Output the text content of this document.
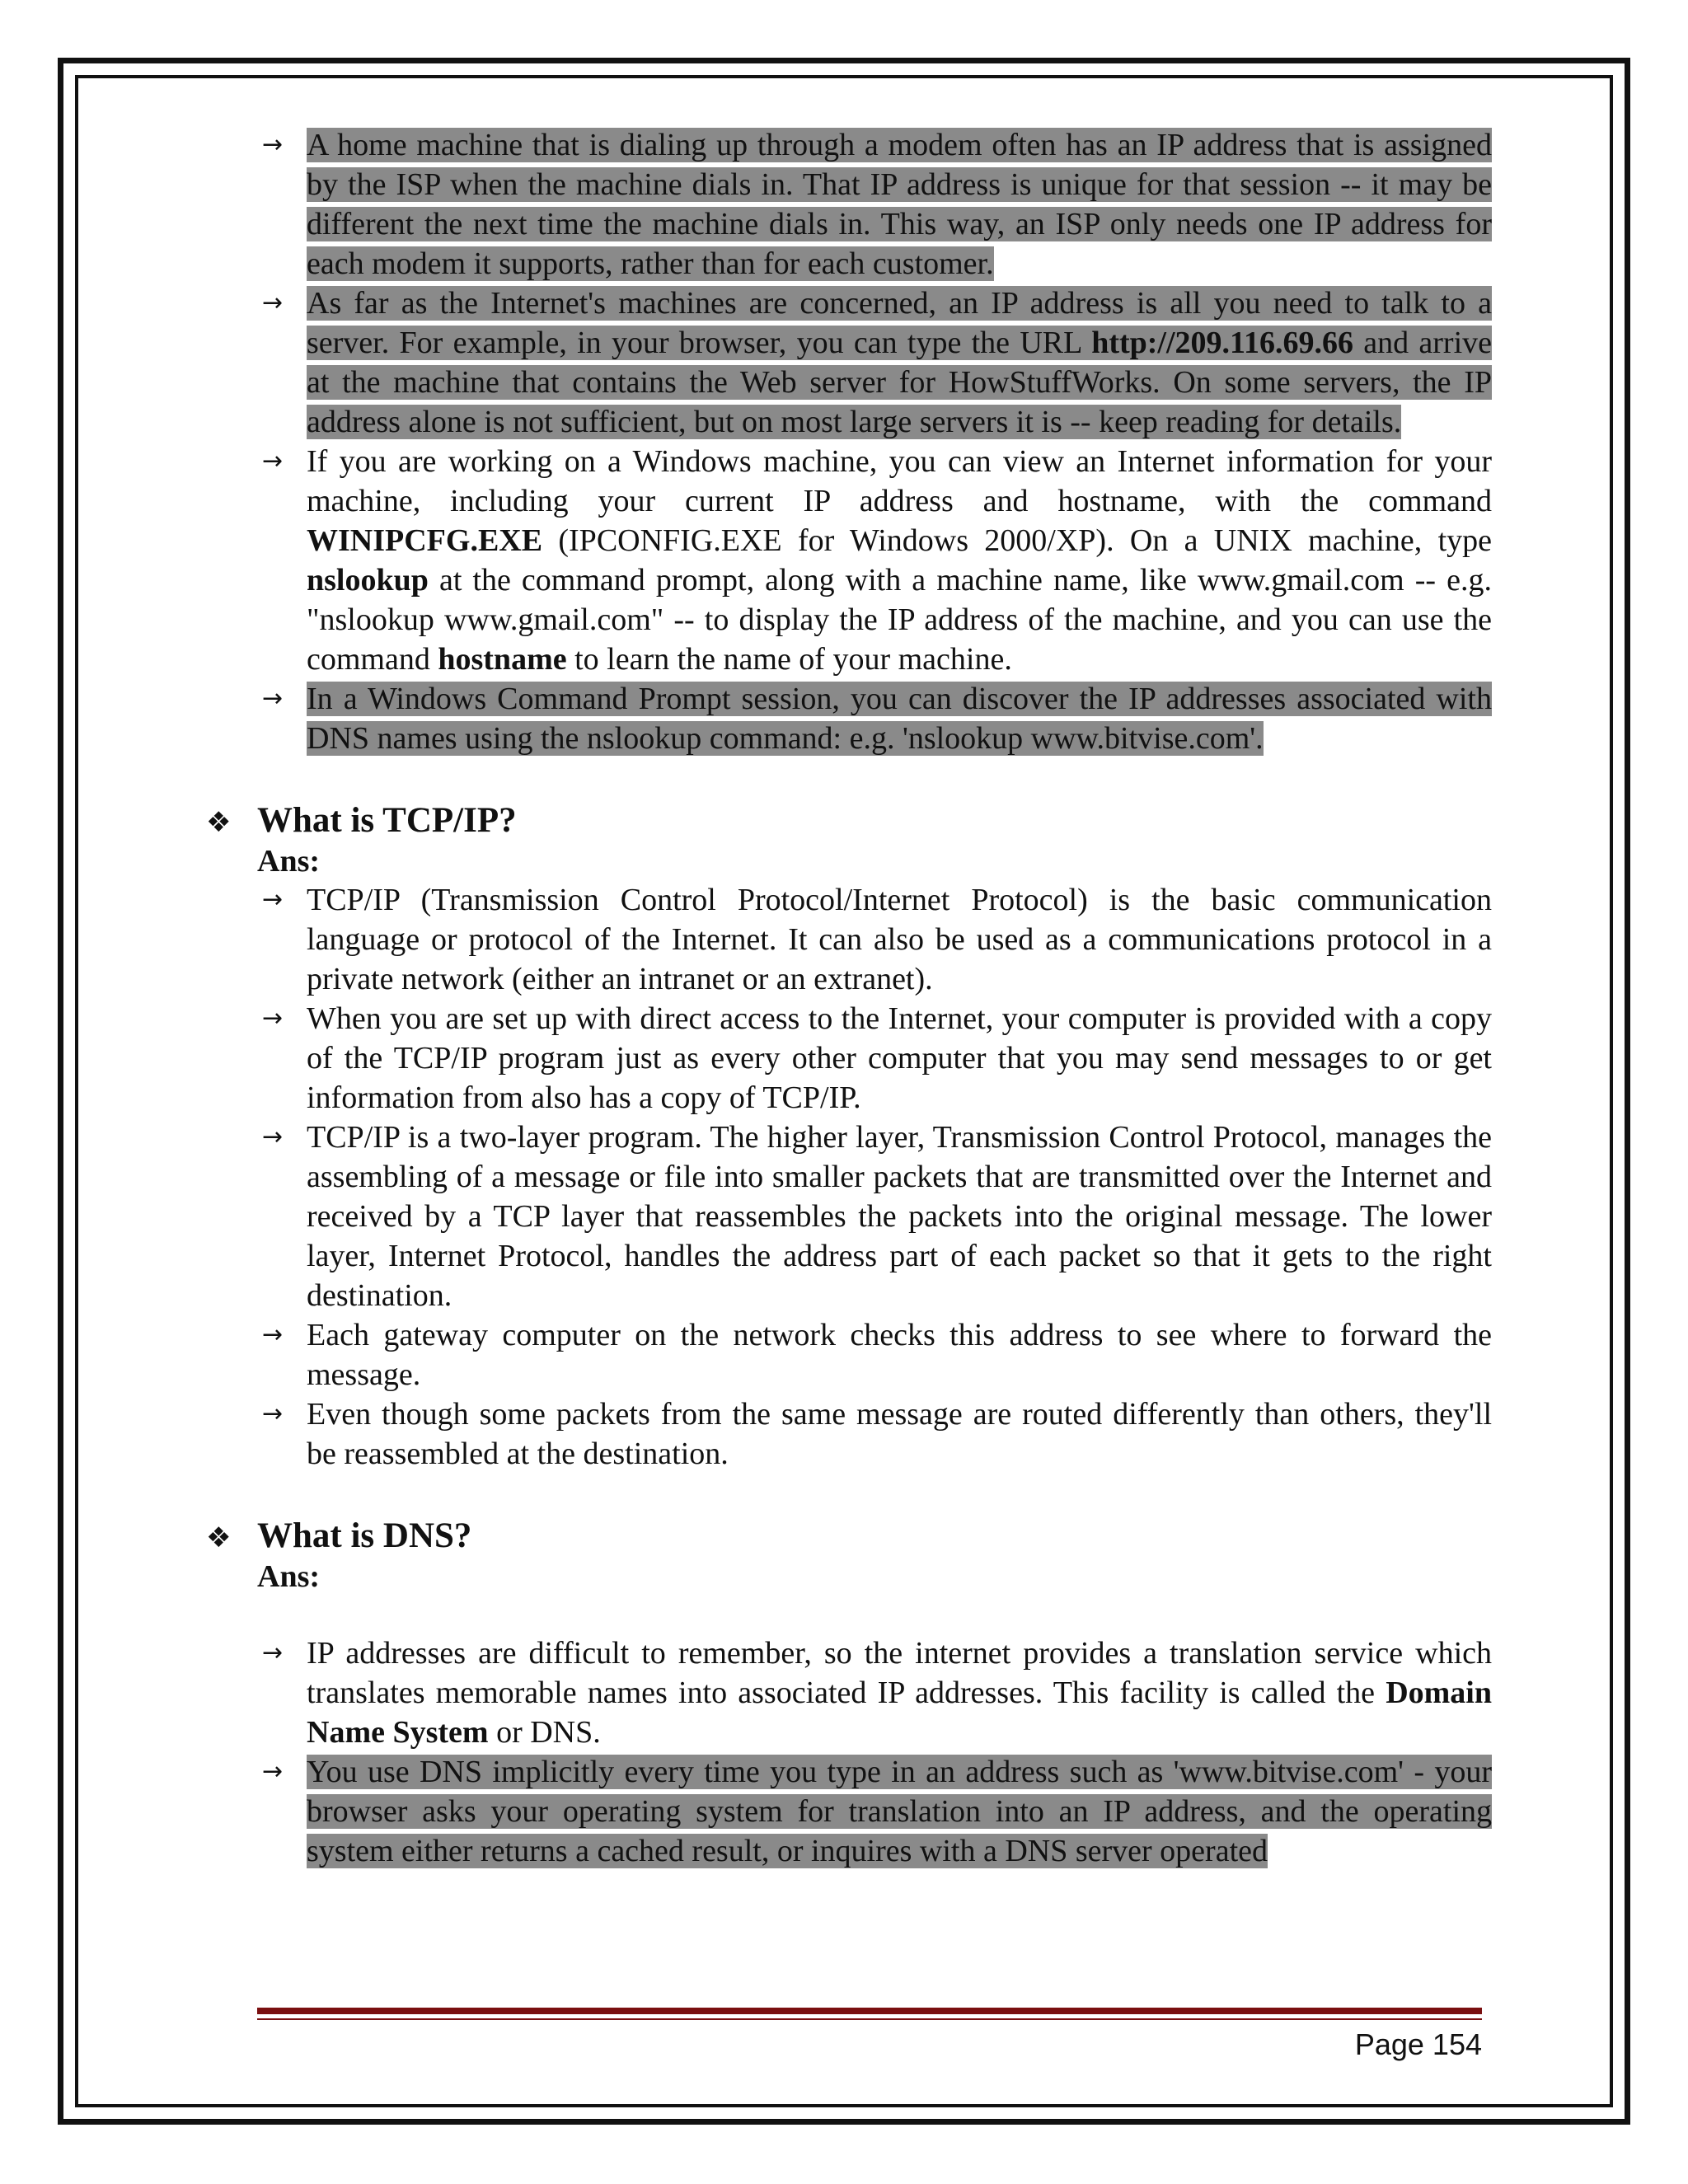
→ A home machine that is dialing up through a modem often has an IP address that is assigned by the ISP when the machine dials in. That IP address is unique for that session -- it may be different the next time the machine dials in. This way, an ISP only needs one IP address for each modem it supports, rather than for each customer.
→ As far as the Internet's machines are concerned, an IP address is all you need to talk to a server. For example, in your browser, you can type the URL http://209.116.69.66 and arrive at the machine that contains the Web server for HowStuffWorks. On some servers, the IP address alone is not sufficient, but on most large servers it is -- keep reading for details.
→ If you are working on a Windows machine, you can view an Internet information for your machine, including your current IP address and hostname, with the command WINIPCFG.EXE (IPCONFIG.EXE for Windows 2000/XP). On a UNIX machine, type nslookup at the command prompt, along with a machine name, like www.gmail.com -- e.g. "nslookup www.gmail.com" -- to display the IP address of the machine, and you can use the command hostname to learn the name of your machine.
→ In a Windows Command Prompt session, you can discover the IP addresses associated with DNS names using the nslookup command: e.g. 'nslookup www.bitvise.com'.
❖ What is TCP/IP?
Ans:
→ TCP/IP (Transmission Control Protocol/Internet Protocol) is the basic communication language or protocol of the Internet. It can also be used as a communications protocol in a private network (either an intranet or an extranet).
→ When you are set up with direct access to the Internet, your computer is provided with a copy of the TCP/IP program just as every other computer that you may send messages to or get information from also has a copy of TCP/IP.
→ TCP/IP is a two-layer program. The higher layer, Transmission Control Protocol, manages the assembling of a message or file into smaller packets that are transmitted over the Internet and received by a TCP layer that reassembles the packets into the original message. The lower layer, Internet Protocol, handles the address part of each packet so that it gets to the right destination.
→ Each gateway computer on the network checks this address to see where to forward the message.
→ Even though some packets from the same message are routed differently than others, they'll be reassembled at the destination.
❖ What is DNS?
Ans:
→ IP addresses are difficult to remember, so the internet provides a translation service which translates memorable names into associated IP addresses. This facility is called the Domain Name System or DNS.
→ You use DNS implicitly every time you type in an address such as 'www.bitvise.com' - your browser asks your operating system for translation into an IP address, and the operating system either returns a cached result, or inquires with a DNS server operated
Page 154
